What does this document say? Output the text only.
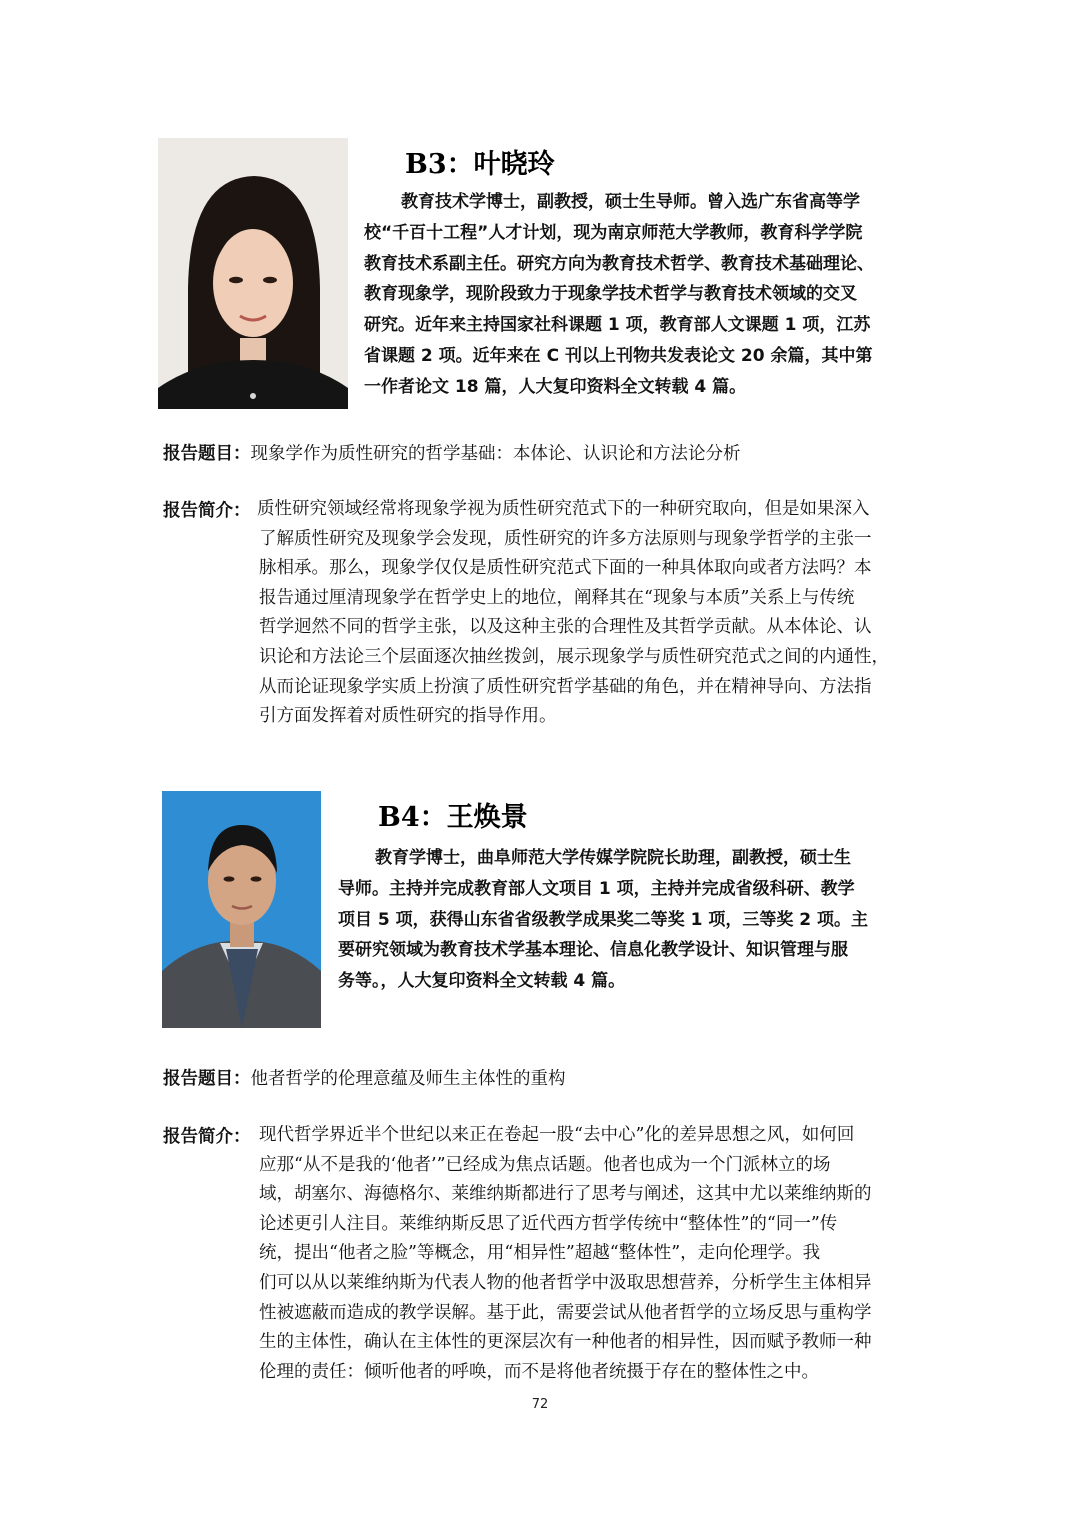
B3：叶晓玲
教育技术学博士，副教授，硕士生导师。曾入选广东省高等学
校“千百十工程”人才计划，现为南京师范大学教师，教育科学学院
教育技术系副主任。研究方向为教育技术哲学、教育技术基础理论、
教育现象学，现阶段致力于现象学技术哲学与教育技术领域的交叉
研究。近年来主持国家社科课题 1 项，教育部人文课题 1 项，江苏
省课题 2 项。近年来在 C 刊以上刊物共发表论文 20 余篇，其中第
一作者论文 18 篇，人大复印资料全文转载 4 篇。
报告题目：现象学作为质性研究的哲学基础：本体论、认识论和方法论分析
报告简介： 质性研究领域经常将现象学视为质性研究范式下的一种研究取向，但是如果深入
了解质性研究及现象学会发现，质性研究的许多方法原则与现象学哲学的主张一
脉相承。那么，现象学仅仅是质性研究范式下面的一种具体取向或者方法吗？本
报告通过厘清现象学在哲学史上的地位，阐释其在“现象与本质”关系上与传统
哲学迥然不同的哲学主张，以及这种主张的合理性及其哲学贡献。从本体论、认
识论和方法论三个层面逐次抽丝拨剑，展示现象学与质性研究范式之间的内通性，
从而论证现象学实质上扮演了质性研究哲学基础的角色，并在精神导向、方法指
引方面发挥着对质性研究的指导作用。
B4：王焕景
教育学博士，曲阜师范大学传媒学院院长助理，副教授，硕士生
导师。主持并完成教育部人文项目 1 项，主持并完成省级科研、教学
项目 5 项，获得山东省省级教学成果奖二等奖 1 项，三等奖 2 项。主
要研究领域为教育技术学基本理论、信息化教学设计、知识管理与服
务等。，人大复印资料全文转载 4 篇。
报告题目：他者哲学的伦理意蕴及师生主体性的重构
报告简介： 现代哲学界近半个世纪以来正在卷起一股“去中心”化的差异思想之风，如何回
应那“从不是我的‘他者’”已经成为焦点话题。他者也成为一个门派林立的场
域，胡塞尔、海德格尔、莱维纳斯都进行了思考与阐述，这其中尤以莱维纳斯的
论述更引人注目。莱维纳斯反思了近代西方哲学传统中“整体性”的“同一”传
统，提出“他者之脸”等概念，用“相异性”超越“整体性”，走向伦理学。我
们可以从以莱维纳斯为代表人物的他者哲学中汲取思想营养，分析学生主体相异
性被遮蔽而造成的教学误解。基于此，需要尝试从他者哲学的立场反思与重构学
生的主体性，确认在主体性的更深层次有一种他者的相异性，因而赋予教师一种
伦理的责任：倾听他者的呼唤，而不是将他者统摄于存在的整体性之中。
72
